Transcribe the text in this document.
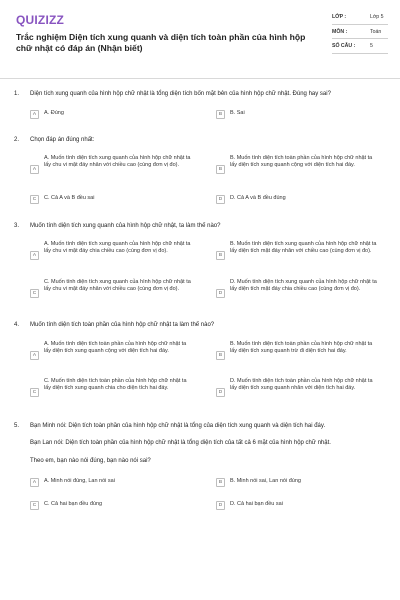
QUIZIZZ
Trắc nghiệm Diện tích xung quanh và diện tích toàn phần của hình hộp chữ nhật có đáp án (Nhận biết)
LỚP :	Lớp 5
MÔN :	Toán
SỐ CÂU :	5
1. Diện tích xung quanh của hình hộp chữ nhật là tổng diện tích bốn mặt bên của hình hộp chữ nhật. Đúng hay sai?
A	A. Đúng	B	B. Sai
2. Chọn đáp án đúng nhất:
A
A. Muốn tính diện tích xung quanh của hình hộp chữ nhật ta lấy chu vi mặt đáy nhân với chiều cao (cùng đơn vị đo).
B
B. Muốn tính diện tích toàn phần của hình hộp chữ nhật ta lấy diện tích xung quanh cộng với diện tích hai đáy.
C	C. Cả A và B đều sai	D	D. Cả A và B đều đúng
3. Muốn tính diện tích xung quanh của hình hộp chữ nhật, ta làm thế nào?
A
A. Muốn tính diện tích xung quanh của hình hộp chữ nhật ta lấy chu vi mặt đáy chia chiều cao (cùng đơn vị đo).
B
B. Muốn tính diện tích xung quanh của hình hộp chữ nhật ta lấy diện tích mặt đáy nhân với chiều cao (cùng đơn vị đo).
C
C. Muốn tính diện tích xung quanh của hình hộp chữ nhật ta lấy chu vi mặt đáy nhân với chiều cao (cùng đơn vị đo).
D
D. Muốn tính diện tích xung quanh của hình hộp chữ nhật ta lấy diện tích mặt đáy chia chiều cao (cùng đơn vị đo).
4. Muốn tính diện tích toàn phần của hình hộp chữ nhật ta làm thế nào?
A
A. Muốn tính diện tích toàn phần của hình hộp chữ nhật ta lấy diện tích xung quanh cộng với diện tích hai đáy.
B
B. Muốn tính diện tích toàn phần của hình hộp chữ nhật ta lấy diện tích xung quanh trừ đi diện tích hai đáy.
C
C. Muốn tính diện tích toàn phần của hình hộp chữ nhật ta lấy diện tích xung quanh chia cho diện tích hai đáy.
D
D. Muốn tính diện tích toàn phần của hình hộp chữ nhật ta lấy diện tích xung quanh nhân với diện tích hai đáy.
5. Bạn Minh nói: Diện tích toàn phần của hình hộp chữ nhật là tổng của diện tích xung quanh và diện tích hai đáy.
Bạn Lan nói: Diện tích toàn phần của hình hộp chữ nhật là tổng diện tích của tất cả 6 mặt của hình hộp chữ nhật.
Theo em, bạn nào nói đúng, bạn nào nói sai?
A	A. Minh nói đúng, Lan nói sai	B	B. Minh nói sai, Lan nói đúng
C	C. Cả hai bạn đều đúng	D	D. Cả hai bạn đều sai
